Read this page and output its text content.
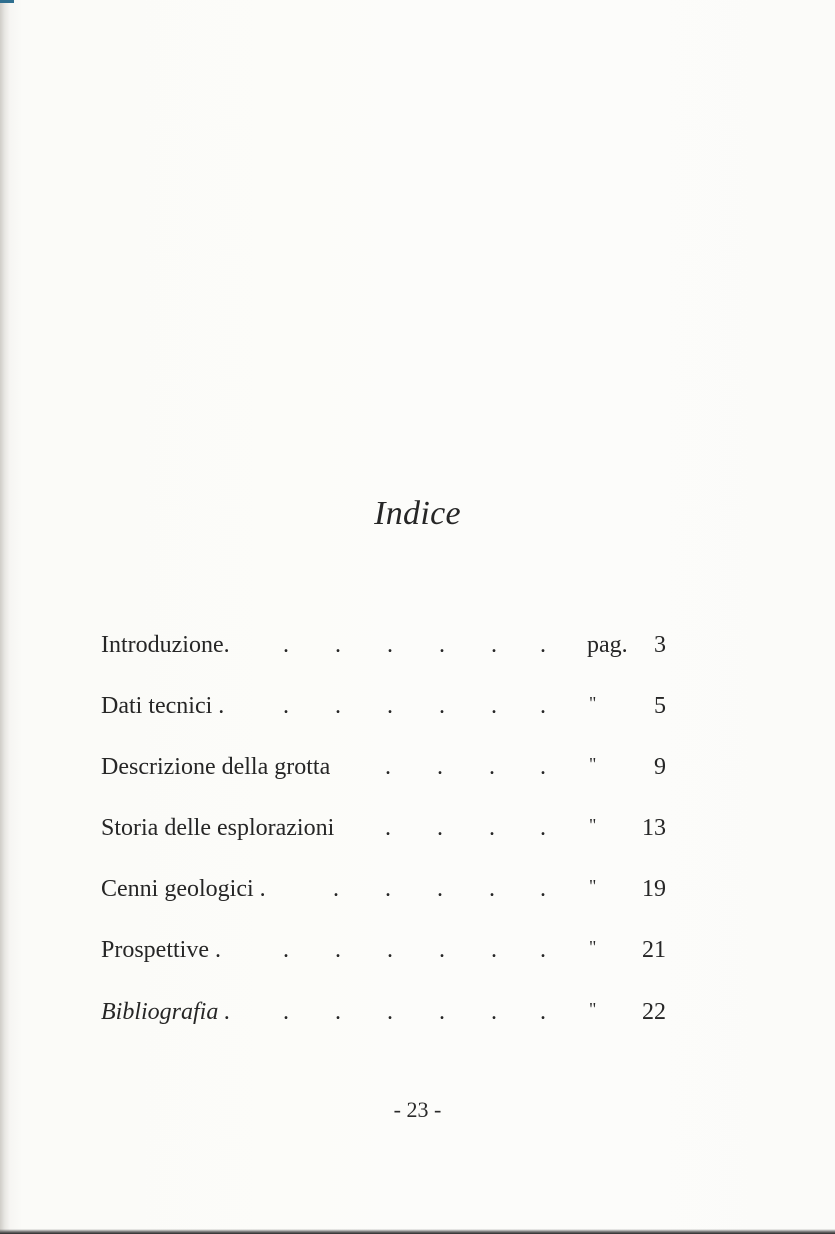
Indice
Introduzione. . . . . . . pag. 3
Dati tecnici . . . . . . . " 5
Descrizione della grotta . . . . " 9
Storia delle esplorazioni . . . . " 13
Cenni geologici .	. . . . . " 19
Prospettive .	. . . . . . " 21
Bibliografia . . . . . . . " 22
- 23 -
